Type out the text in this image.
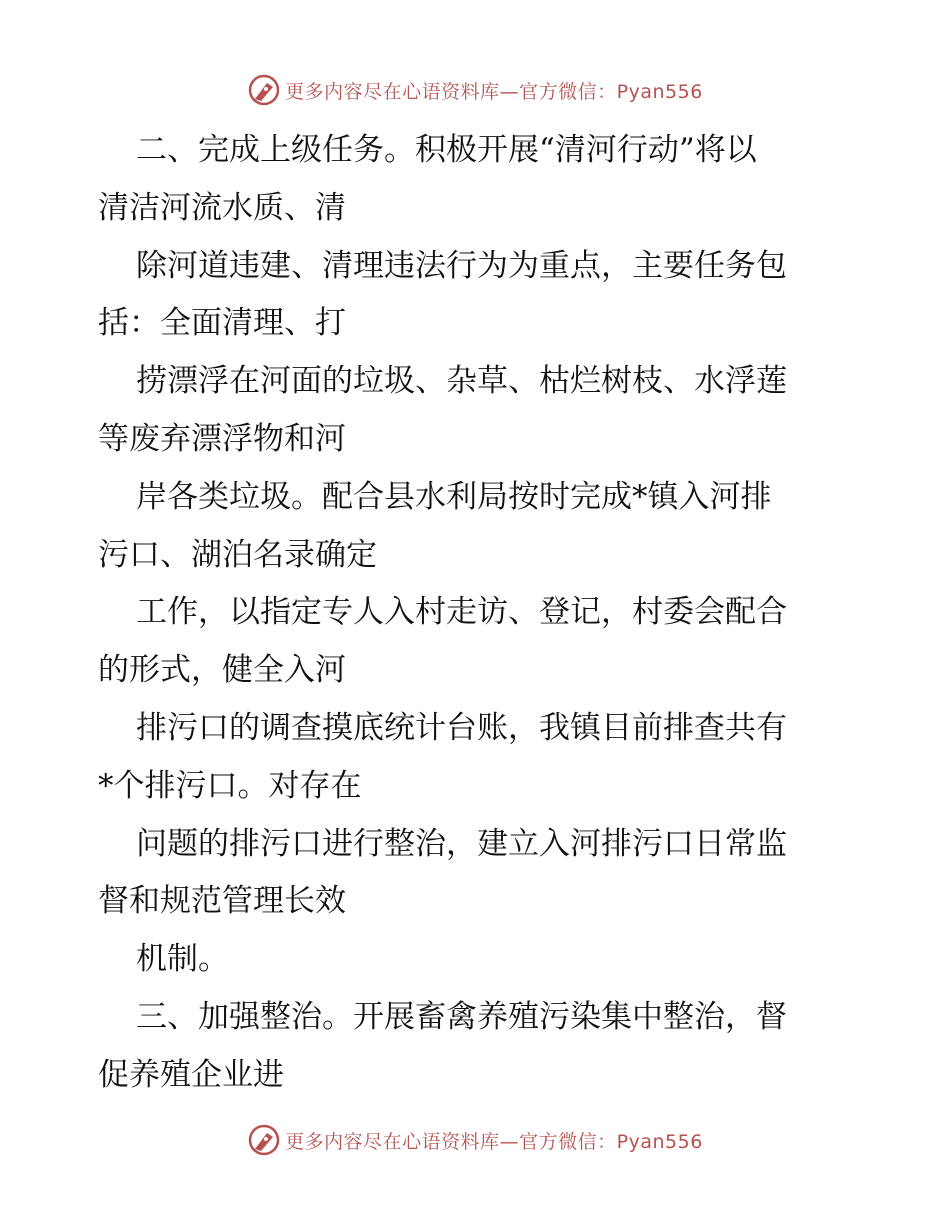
更多内容尽在心语资料库—官方微信：Pyan556
二、完成上级任务。积极开展“清河行动”将以
清洁河流水质、清
除河道违建、清理违法行为为重点，主要任务包
括：全面清理、打
捞漂浮在河面的垃圾、杂草、枯烂树枝、水浮莲
等废弃漂浮物和河
岸各类垃圾。配合县水利局按时完成*镇入河排
污口、湖泊名录确定
工作，以指定专人入村走访、登记，村委会配合
的形式，健全入河
排污口的调查摸底统计台账，我镇目前排查共有
*个排污口。对存在
问题的排污口进行整治，建立入河排污口日常监
督和规范管理长效
机制。
三、加强整治。开展畜禽养殖污染集中整治，督
促养殖企业进
更多内容尽在心语资料库—官方微信：Pyan556
